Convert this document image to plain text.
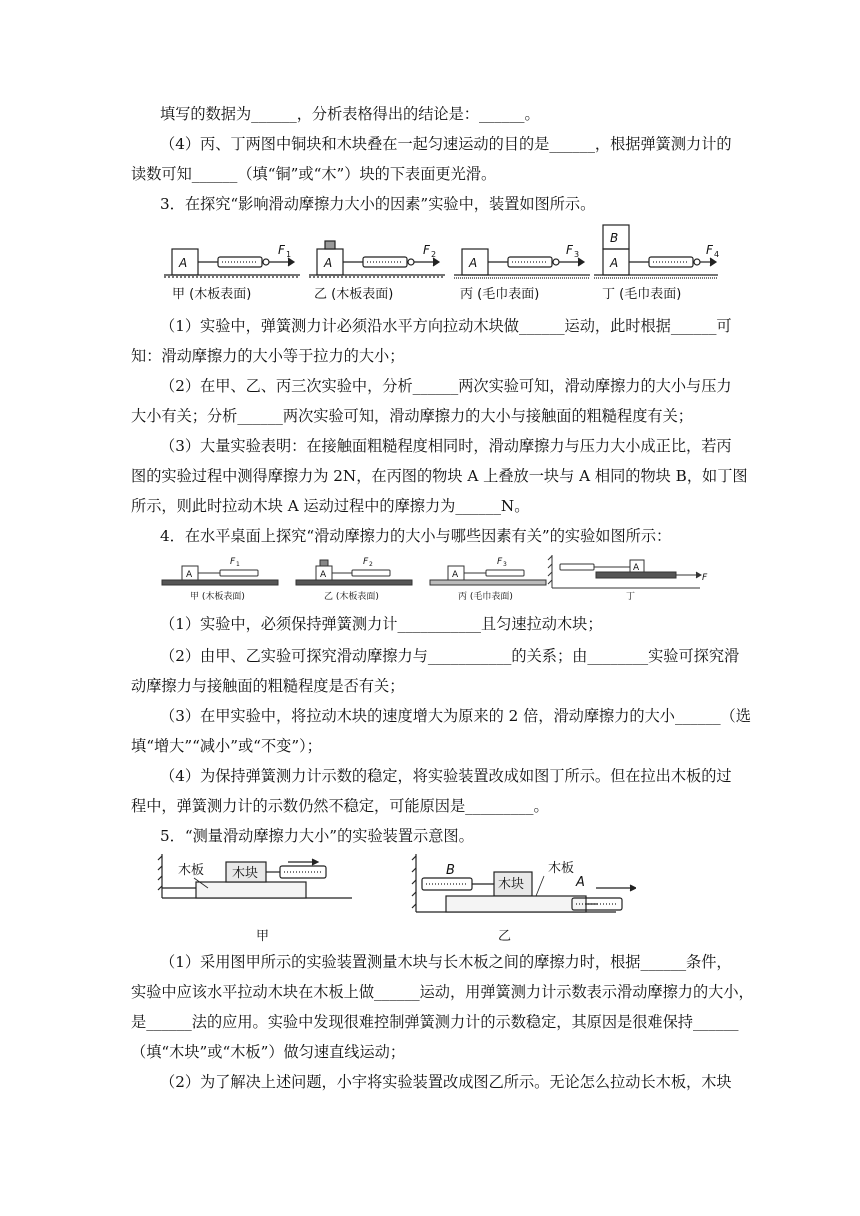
填写的数据为______，分析表格得出的结论是：______。
（4）丙、丁两图中铜块和木块叠在一起匀速运动的目的是______，根据弹簧测力计的
读数可知______（填“铜”或“木”）块的下表面更光滑。
3．在探究“影响滑动摩擦力大小的因素”实验中，装置如图所示。
A	A	A	A
B
F	F	F	F
1	2	3	4
甲 (木板表面)	乙 (木板表面)	丙 (毛巾表面)	丁 (毛巾表面)
（1）实验中，弹簧测力计必须沿水平方向拉动木块做______运动，此时根据______可
知：滑动摩擦力的大小等于拉力的大小；
（2）在甲、乙、丙三次实验中，分析______两次实验可知，滑动摩擦力的大小与压力
大小有关；分析______两次实验可知，滑动摩擦力的大小与接触面的粗糙程度有关；
（3）大量实验表明：在接触面粗糙程度相同时，滑动摩擦力与压力大小成正比，若丙
图的实验过程中测得摩擦力为 2N，在丙图的物块 A 上叠放一块与 A 相同的物块 B，如丁图
所示，则此时拉动木块 A 运动过程中的摩擦力为______N。
4．在水平桌面上探究“滑动摩擦力的大小与哪些因素有关”的实验如图所示：
A	A	A
A
F	F	F
F
1	2	3
甲 (木板表面)	乙 (木板表面)	丙 (毛巾表面)	丁
（1）实验中，必须保持弹簧测力计___________且匀速拉动木块；
（2）由甲、乙实验可探究滑动摩擦力与___________的关系；由________实验可探究滑
动摩擦力与接触面的粗糙程度是否有关；
（3）在甲实验中，将拉动木块的速度增大为原来的 2 倍，滑动摩擦力的大小______（选
填“增大”“减小”或“不变”）；
（4）为保持弹簧测力计示数的稳定，将实验装置改成如图丁所示。但在拉出木板的过
程中，弹簧测力计的示数仍然不稳定，可能原因是_________。
5．“测量滑动摩擦力大小”的实验装置示意图。
木板 木块
木块
木板
B
A
甲	乙
（1）采用图甲所示的实验装置测量木块与长木板之间的摩擦力时，根据______条件，
实验中应该水平拉动木块在木板上做______运动，用弹簧测力计示数表示滑动摩擦力的大小，
是______法的应用。实验中发现很难控制弹簧测力计的示数稳定，其原因是很难保持______
（填“木块”或“木板”）做匀速直线运动；
（2）为了解决上述问题，小宇将实验装置改成图乙所示。无论怎么拉动长木板，木块
